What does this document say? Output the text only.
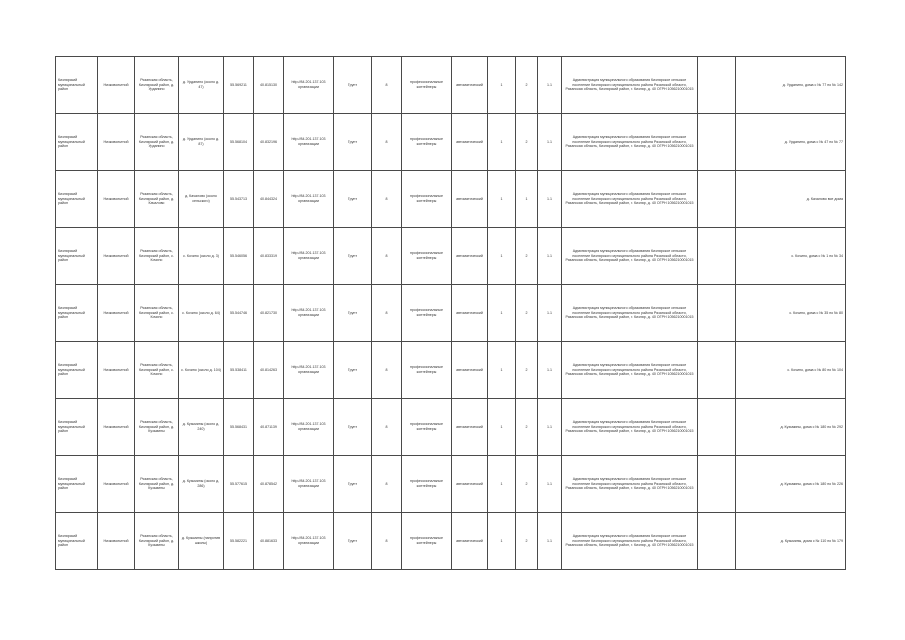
Кизлярский муниципальный район	Низковольтной	Рязанская область, Кизлярский район, д. Урданино	д. Урданино (около д. 47)	55.569211	40.815130	http://84.201.137.103 организации	Грунт	8	профессиональные контейнеры	автоматический	1	2	1.1	Администрация муниципального образования Кизлярское сельское поселение Кизлярского муниципального района Рязанской области, Рязанская область, Кизлярский район, г. Кизляр, д. 40 ОГРН 1056210001015		д. Урданино, дома с № 77 по № 142
Кизлярский муниципальный район	Низковольтной	Рязанская область, Кизлярский район, д. Урданино	д. Урданино (около д. 87)	55.568104	40.832196	http://84.201.137.103 организации	Грунт	8	профессиональные контейнеры	автоматический	1	2	1.1	Администрация муниципального образования Кизлярское сельское поселение Кизлярского муниципального района Рязанской области, Рязанская область, Кизлярский район, г. Кизляр, д. 40 ОГРН 1056210001015		д. Урданино, дома с № 47 по № 77
Кизлярский муниципальный район	Низковольтной	Рязанская область, Кизлярский район, д. Качалово	д. Качалово (около сельского)	55.543713	40.844324	http://84.201.137.103 организации	Грунт	8	профессиональные контейнеры	автоматический	1	1	1.1	Администрация муниципального образования Кизлярское сельское поселение Кизлярского муниципального района Рязанской области, Рязанская область, Кизлярский район, г. Кизляр, д. 40 ОГРН 1056210001015		д. Качалово все дома
Кизлярский муниципальный район	Низковольтной	Рязанская область, Кизлярский район, с. Кочино	с. Кочино (около д. 3)	55.546056	40.833319	http://84.201.137.103 организации	Грунт	8	профессиональные контейнеры	автоматический	1	2	1.1	Администрация муниципального образования Кизлярское сельское поселение Кизлярского муниципального района Рязанской области, Рязанская область, Кизлярский район, г. Кизляр, д. 40 ОГРН 1056210001015		с. Кочино, дома с № 1 по № 34
Кизлярский муниципальный район	Низковольтной	Рязанская область, Кизлярский район, с. Кочино	с. Кочино (около д. 64)	55.544746	40.821730	http://84.201.137.103 организации	Грунт	8	профессиональные контейнеры	автоматический	1	2	1.1	Администрация муниципального образования Кизлярское сельское поселение Кизлярского муниципального района Рязанской области, Рязанская область, Кизлярский район, г. Кизляр, д. 40 ОГРН 1056210001015		с. Кочино, дома с № 35 по № 80
Кизлярский муниципальный район	Низковольтной	Рязанская область, Кизлярский район, с. Кочино	с. Кочино (около д. 104)	55.538411	40.814263	http://84.201.137.103 организации	Грунт	8	профессиональные контейнеры	автоматический	1	2	1.1	Администрация муниципального образования Кизлярское сельское поселение Кизлярского муниципального района Рязанской области, Рязанская область, Кизлярский район, г. Кизляр, д. 40 ОГРН 1056210001015		с. Кочино, дома с № 80 по № 104
Кизлярский муниципальный район	Низковольтной	Рязанская область, Кизлярский район, д. Кузьмины	д. Кузьмины (около д. 240)	55.568431	40.871139	http://84.201.137.103 организации	Грунт	8	профессиональные контейнеры	автоматический	1	2	1.1	Администрация муниципального образования Кизлярское сельское поселение Кизлярского муниципального района Рязанской области, Рязанская область, Кизлярский район, г. Кизляр, д. 40 ОГРН 1056210001015		д. Кузьмины, дома с № 180 по № 292
Кизлярский муниципальный район	Низковольтной	Рязанская область, Кизлярский район, д. Кузьмины	д. Кузьмины (около д. 286)	55.577615	40.878542	http://84.201.137.103 организации	Грунт	8	профессиональные контейнеры	автоматический	1	2	1.1	Администрация муниципального образования Кизлярское сельское поселение Кизлярского муниципального района Рязанской области, Рязанская область, Кизлярский район, г. Кизляр, д. 40 ОГРН 1056210001015		д. Кузьмины, дома с № 180 по № 226
Кизлярский муниципальный район	Низковольтной	Рязанская область, Кизлярский район, д. Кузьмины	д. Кузьмины (напротив школы)	55.582221	40.881633	http://84.201.137.103 организации	Грунт	8	профессиональные контейнеры	автоматический	1	2	1.1	Администрация муниципального образования Кизлярское сельское поселение Кизлярского муниципального района Рязанской области, Рязанская область, Кизлярский район, г. Кизляр, д. 40 ОГРН 1056210001015		д. Кузьмины, дома с № 110 по № 179
